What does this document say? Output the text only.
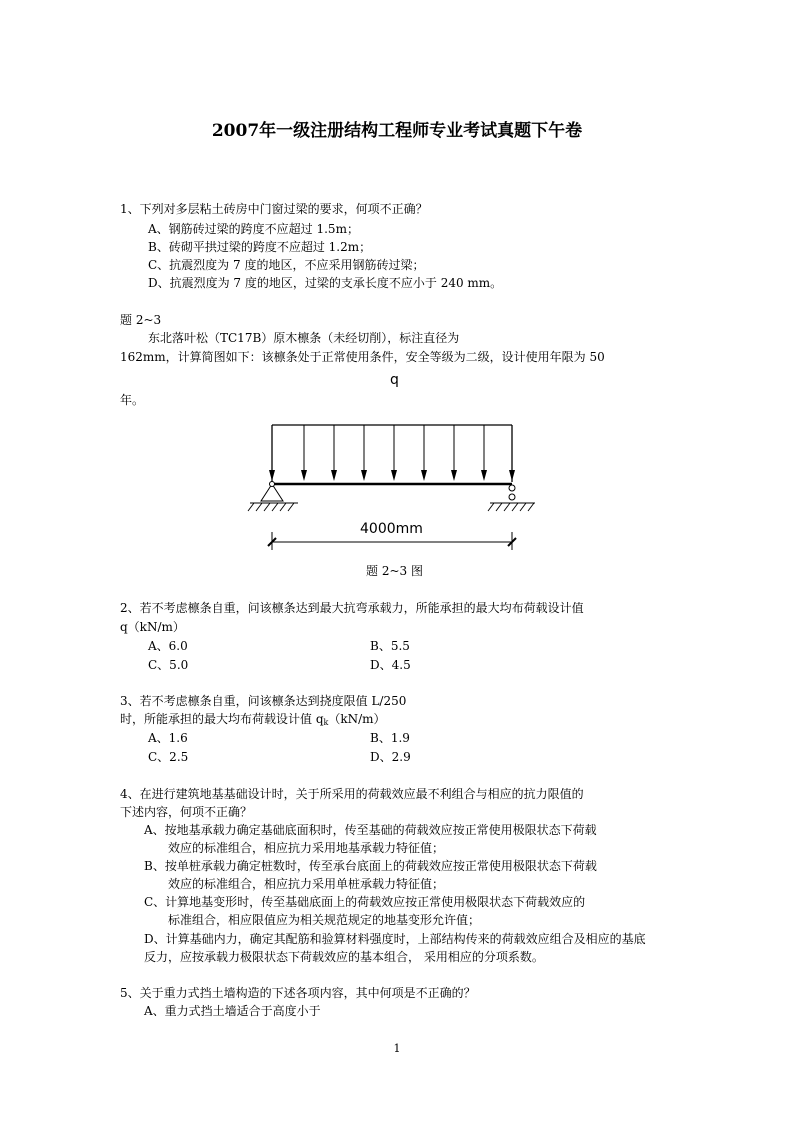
2007年一级注册结构工程师专业考试真题下午卷
1、下列对多层粘土砖房中门窗过梁的要求，何项不正确？
A、钢筋砖过梁的跨度不应超过 1.5m；
B、砖砌平拱过梁的跨度不应超过 1.2m；
C、抗震烈度为 7 度的地区，不应采用钢筋砖过梁；
D、抗震烈度为 7 度的地区，过梁的支承长度不应小于 240 mm。
题 2~3
东北落叶松（TC17B）原木檩条（未经切削），标注直径为
162mm，计算简图如下：该檩条处于正常使用条件，安全等级为二级，设计使用年限为 50
年。
q
4000mm
题 2~3 图
2、若不考虑檩条自重，问该檩条达到最大抗弯承载力，所能承担的最大均布荷载设计值
q（kN/m）
A、6.0	B、5.5
C、5.0	D、4.5
3、若不考虑檩条自重，问该檩条达到挠度限值 L/250
时，所能承担的最大均布荷载设计值 $q_k(kN/m)$
A、1.6	B、1.9
C、2.5	D、2.9
4、在进行建筑地基基础设计时，关于所采用的荷载效应最不利组合与相应的抗力限值的
下述内容，何项不正确？
A、按地基承载力确定基础底面积时，传至基础的荷载效应按正常使用极限状态下荷载
效应的标准组合，相应抗力采用地基承载力特征值；
B、按单桩承载力确定桩数时，传至承台底面上的荷载效应按正常使用极限状态下荷载
效应的标准组合，相应抗力采用单桩承载力特征值；
C、计算地基变形时，传至基础底面上的荷载效应按正常使用极限状态下荷载效应的
标准组合，相应限值应为相关规范规定的地基变形允许值；
D、计算基础内力，确定其配筋和验算材料强度时，上部结构传来的荷载效应组合及相应的基底
反力，应按承载力极限状态下荷载效应的基本组合， 采用相应的分项系数。
5、关于重力式挡土墙构造的下述各项内容，其中何项是不正确的？
A、重力式挡土墙适合于高度小于
1
